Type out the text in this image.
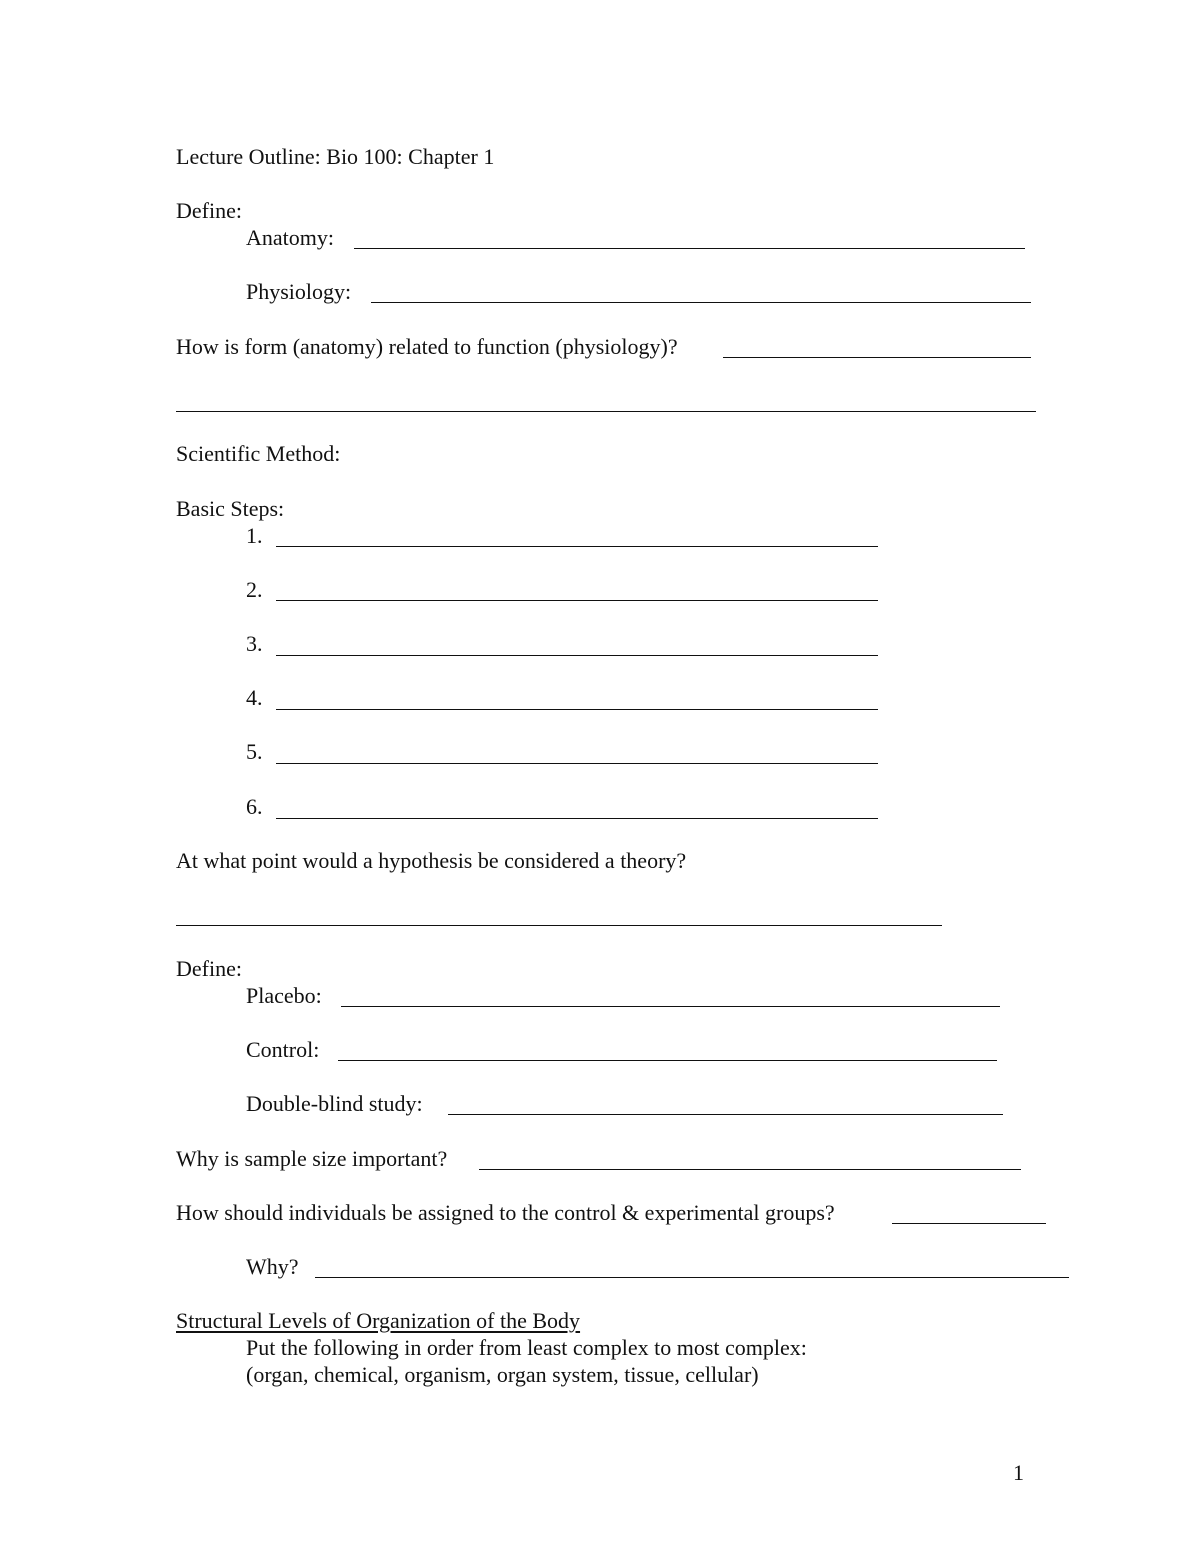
Lecture Outline: Bio 100: Chapter 1
Define:
Anatomy:
Physiology:
How is form (anatomy) related to function (physiology)?
Scientific Method:
Basic Steps:
1.
2.
3.
4.
5.
6.
At what point would a hypothesis be considered a theory?
Define:
Placebo:
Control:
Double-blind study:
Why is sample size important?
How should individuals be assigned to the control & experimental groups?
Why?
Structural Levels of Organization of the Body
Put the following in order from least complex to most complex:
(organ, chemical, organism, organ system, tissue, cellular)
1
